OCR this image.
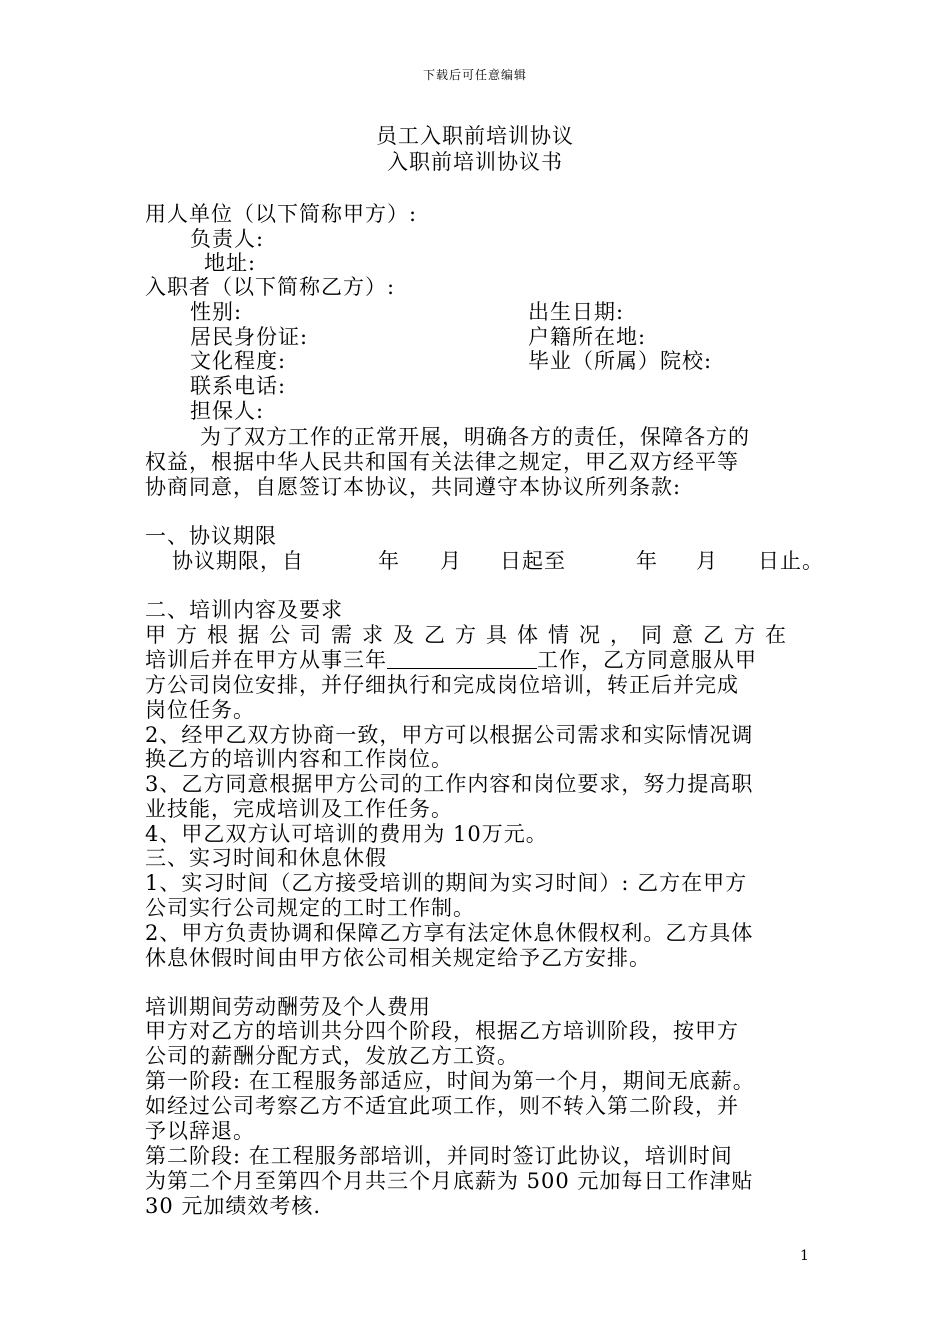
下载后可任意编辑
员工入职前培训协议
入职前培训协议书
用人单位（以下简称甲方）:
负责人:
地址:
入职者（以下简称乙方）:
性别:	出生日期:
居民身份证:	户籍所在地:
文化程度:	毕业（所属）院校:
联系电话:
担保人:
为了双方工作的正常开展，明确各方的责任，保障各方的
权益，根据中华人民共和国有关法律之规定，甲乙双方经平等
协商同意，自愿签订本协议，共同遵守本协议所列条款:
一、协议期限
协议期限，自	年 月 日起至	年 月 日止。
二、培训内容及要求
甲方根据公司需求及乙方具体情况，同意乙方在
培训后并在甲方从事三年	工作，乙方同意服从甲
方公司岗位安排，并仔细执行和完成岗位培训，转正后并完成
岗位任务。
2、经甲乙双方协商一致，甲方可以根据公司需求和实际情况调
换乙方的培训内容和工作岗位。
3、乙方同意根据甲方公司的工作内容和岗位要求，努力提高职
业技能，完成培训及工作任务。
4、甲乙双方认可培训的费用为 10万元。
三、实习时间和休息休假
1、实习时间（乙方接受培训的期间为实习时间）: 乙方在甲方
公司实行公司规定的工时工作制。
2、甲方负责协调和保障乙方享有法定休息休假权利。乙方具体
休息休假时间由甲方依公司相关规定给予乙方安排。
培训期间劳动酬劳及个人费用
甲方对乙方的培训共分四个阶段，根据乙方培训阶段，按甲方
公司的薪酬分配方式，发放乙方工资。
第一阶段: 在工程服务部适应，时间为第一个月，期间无底薪。
如经过公司考察乙方不适宜此项工作，则不转入第二阶段，并
予以辞退。
第二阶段: 在工程服务部培训，并同时签订此协议，培训时间
为第二个月至第四个月共三个月底薪为 500 元加每日工作津贴
30 元加绩效考核.
1
